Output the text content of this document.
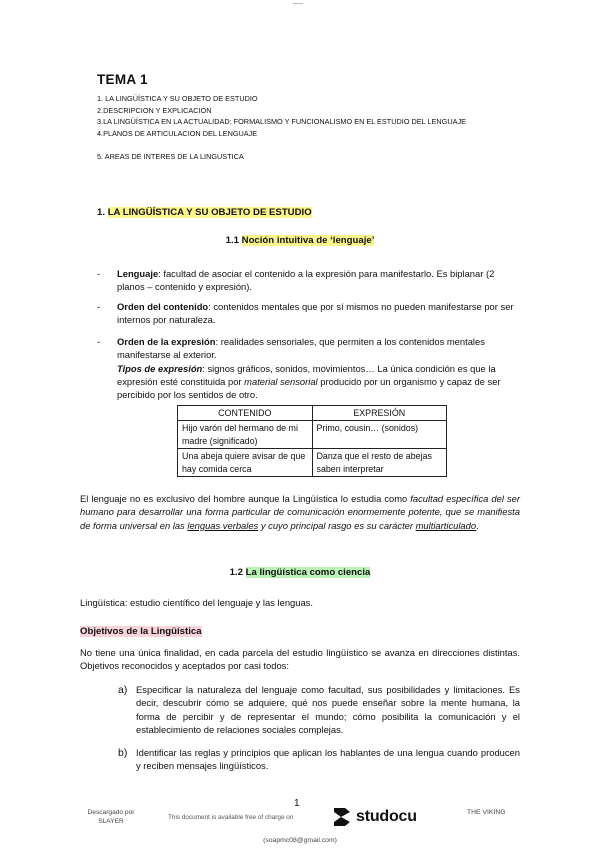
TEMA 1
1. LA LINGÜÍSTICA Y SU OBJETO DE ESTUDIO
2.DESCRIPCION Y EXPLICACION
3.LA LINGÜÍSTICA EN LA ACTUALIDAD: FORMALISMO Y FUNCIONALISMO EN EL ESTUDIO DEL LENGUAJE
4.PLANOS DE ARTICULACION DEL LENGUAJE
5. AREAS DE INTERES DE LA LINGUSTICA
1. LA LINGÜÍSTICA Y SU OBJETO DE ESTUDIO
1.1 Noción intuitiva de ‘lenguaje’
- Lenguaje: facultad de asociar el contenido a la expresión para manifestarlo. Es biplanar (2 planos – contenido y expresión).
- Orden del contenido: contenidos mentales que por sí mismos no pueden manifestarse por ser internos por naturaleza.
- Orden de la expresión: realidades sensoriales, que permiten a los contenidos mentales manifestarse al exterior.
Tipos de expresión: signos gráficos, sonidos, movimientos… La única condición es que la expresión esté constituida por material sensorial producido por un organismo y capaz de ser percibido por los sentidos de otro.
CONTENIDO	EXPRESIÓN
Hijo varón del hermano de mi madre (significado)	Primo, cousin… (sonidos)
Una abeja quiere avisar de que hay comida cerca	Danza que el resto de abejas saben interpretar
El lenguaje no es exclusivo del hombre aunque la Lingüística lo estudia como facultad específica del ser humano para desarrollar una forma particular de comunicación enormemente potente, que se manifiesta de forma universal en las lenguas verbales y cuyo principal rasgo es su carácter multiarticulado.
1.2 La lingüística como ciencia
Lingüística: estudio científico del lenguaje y las lenguas.
Objetivos de la Lingüística
No tiene una única finalidad, en cada parcela del estudio lingüístico se avanza en direcciones distintas. Objetivos reconocidos y aceptados por casi todos:
a) Especificar la naturaleza del lenguaje como facultad, sus posibilidades y limitaciones. Es decir, descubrir cómo se adquiere, qué nos puede enseñar sobre la mente humana, la forma de percibir y de representar el mundo; cómo posibilita la comunicación y el establecimiento de relaciones sociales complejas.
b) Identificar las reglas y principios que aplican los hablantes de una lengua cuando producen y reciben mensajes lingüísticos.
Descargado por
SLAYER
1
This document is available free of charge on	studocu	THE VIKING
(soapmc08@gmail.com)
